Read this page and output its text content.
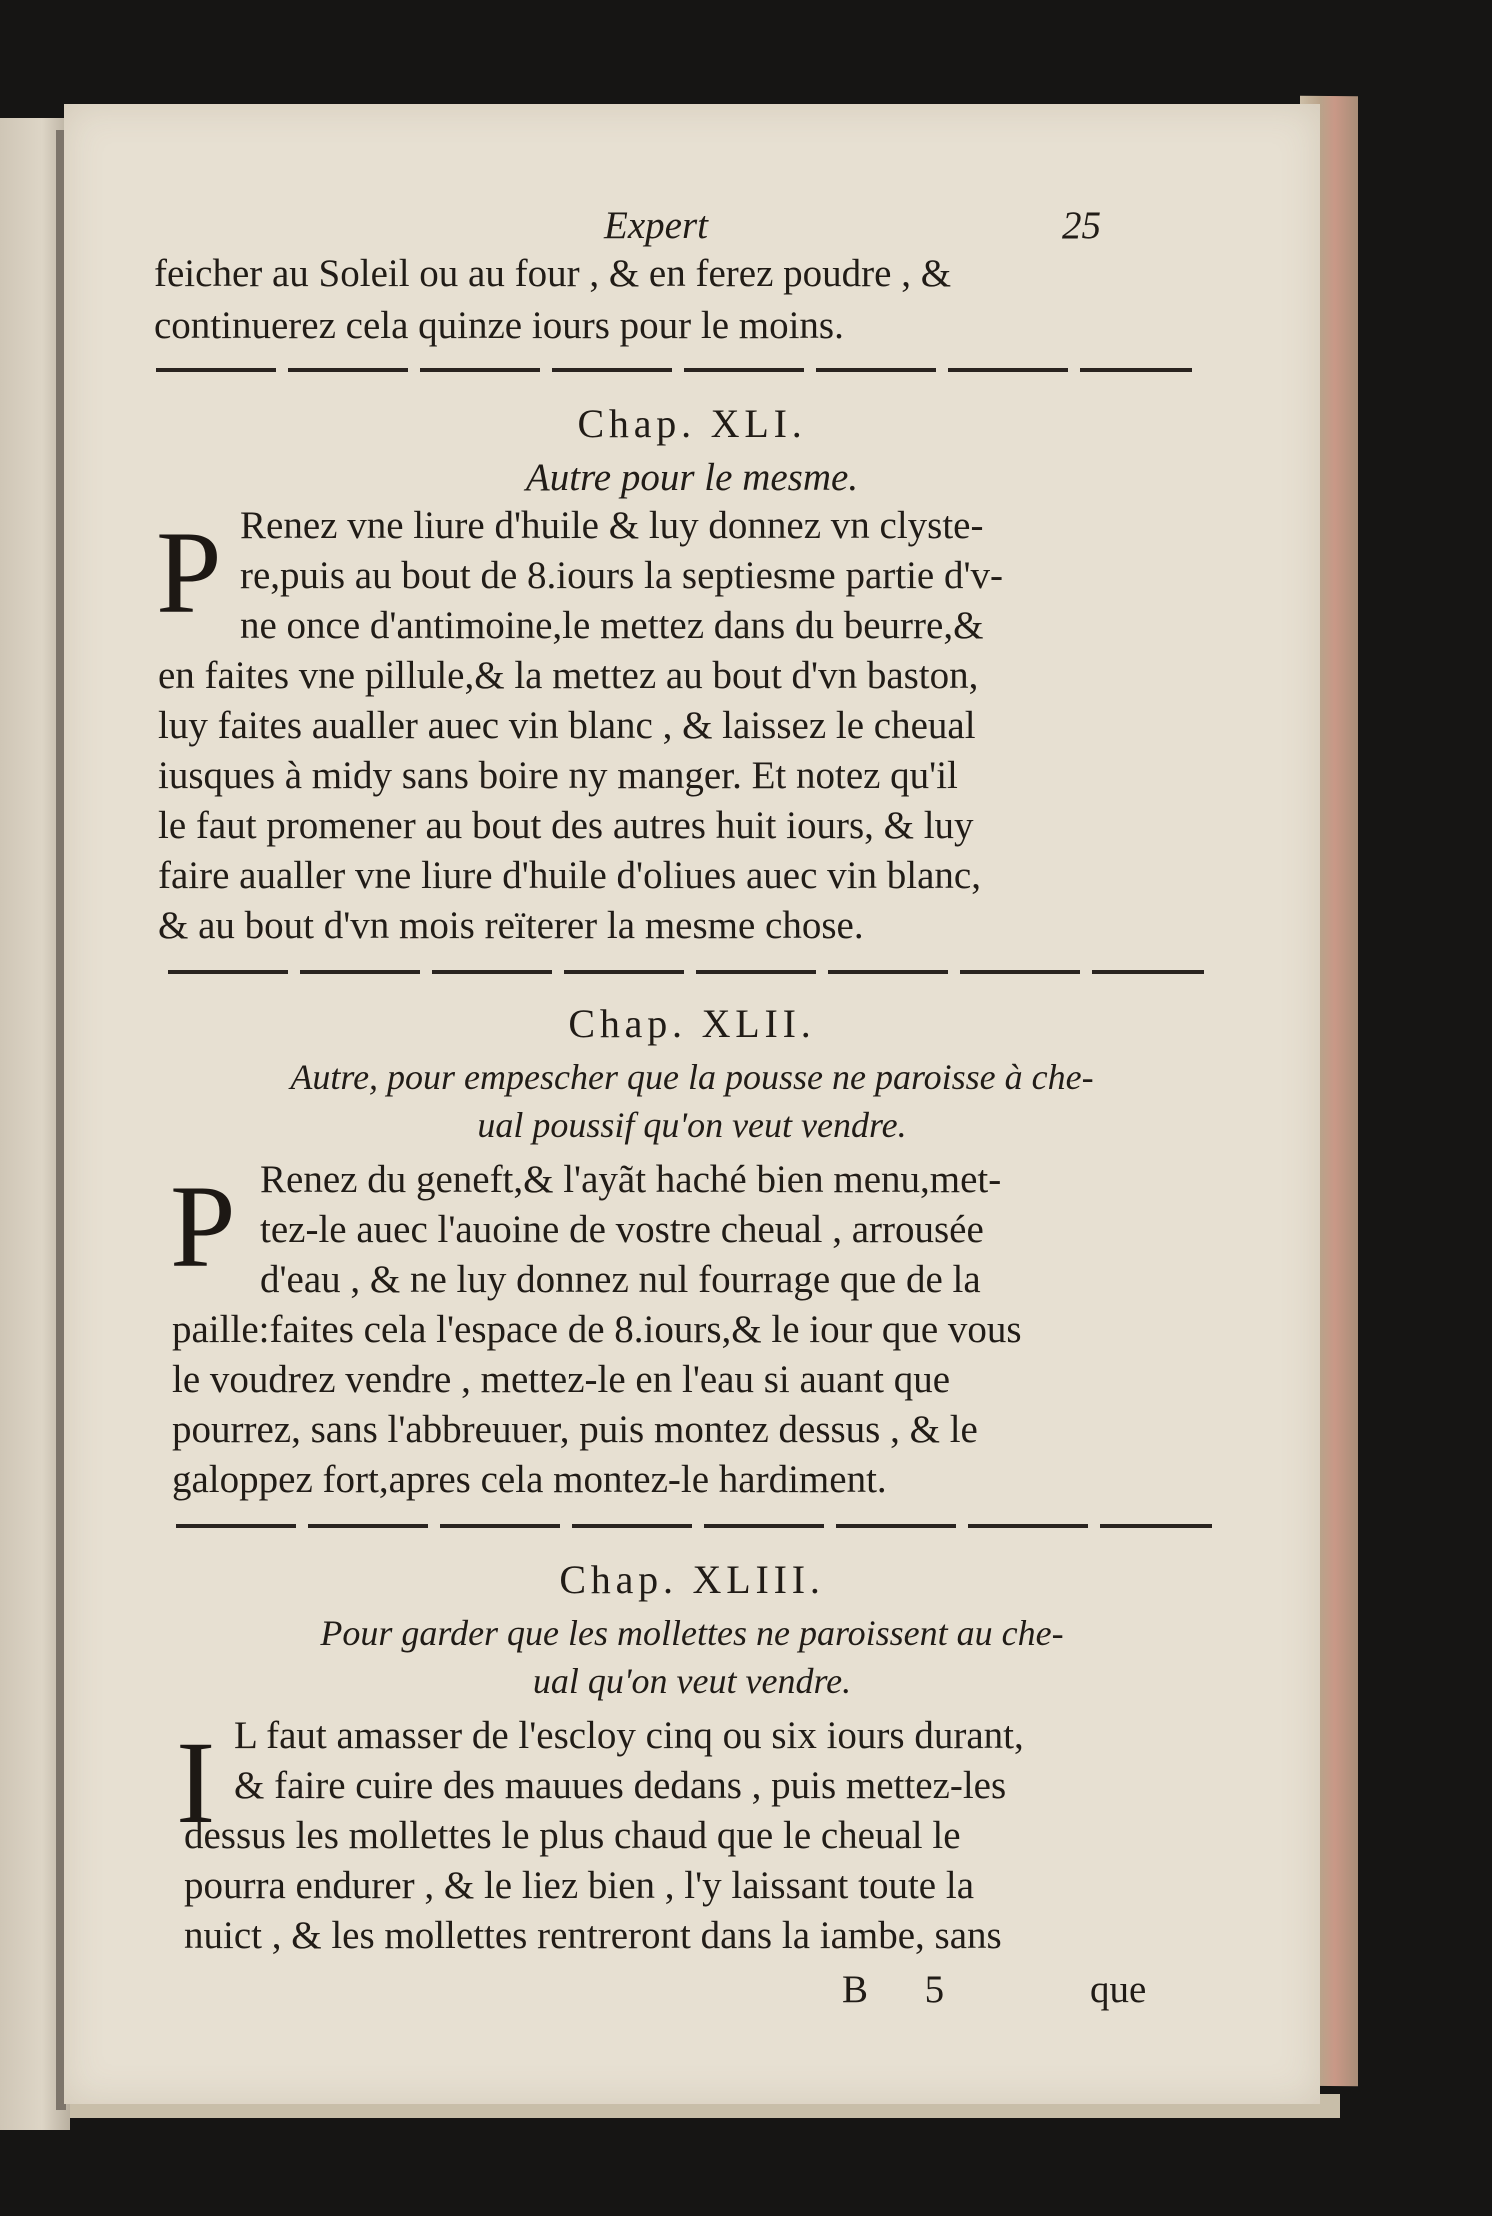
Expert	25
feicher au Soleil ou au four , & en ferez poudre , &
continuerez cela quinze iours pour le moins.
Chap. XLI.
Autre pour le mesme.
P Renez vne liure d'huile & luy donnez vn clyste-
re,puis au bout de 8.iours la septiesme partie d'v-
ne once d'antimoine,le mettez dans du beurre,&
en faites vne pillule,& la mettez au bout d'vn baston,
luy faites aualler auec vin blanc , & laissez le cheual
iusques à midy sans boire ny manger. Et notez qu'il
le faut promener au bout des autres huit iours, & luy
faire aualler vne liure d'huile d'oliues auec vin blanc,
& au bout d'vn mois reïterer la mesme chose.
Chap. XLII.
Autre, pour empescher que la pousse ne paroisse à che-
ual poussif qu'on veut vendre.
P Renez du geneft,& l'ayãt haché bien menu,met-
tez-le auec l'auoine de vostre cheual , arrousée
d'eau , & ne luy donnez nul fourrage que de la
paille:faites cela l'espace de 8.iours,& le iour que vous
le voudrez vendre , mettez-le en l'eau si auant que
pourrez, sans l'abbreuuer, puis montez dessus , & le
galoppez fort,apres cela montez-le hardiment.
Chap. XLIII.
Pour garder que les mollettes ne paroissent au che-
ual qu'on veut vendre.
I L faut amasser de l'escloy cinq ou six iours durant,
& faire cuire des mauues dedans , puis mettez-les
dessus les mollettes le plus chaud que le cheual le
pourra endurer , & le liez bien , l'y laissant toute la
nuict , & les mollettes rentreront dans la iambe, sans
B 5	que
